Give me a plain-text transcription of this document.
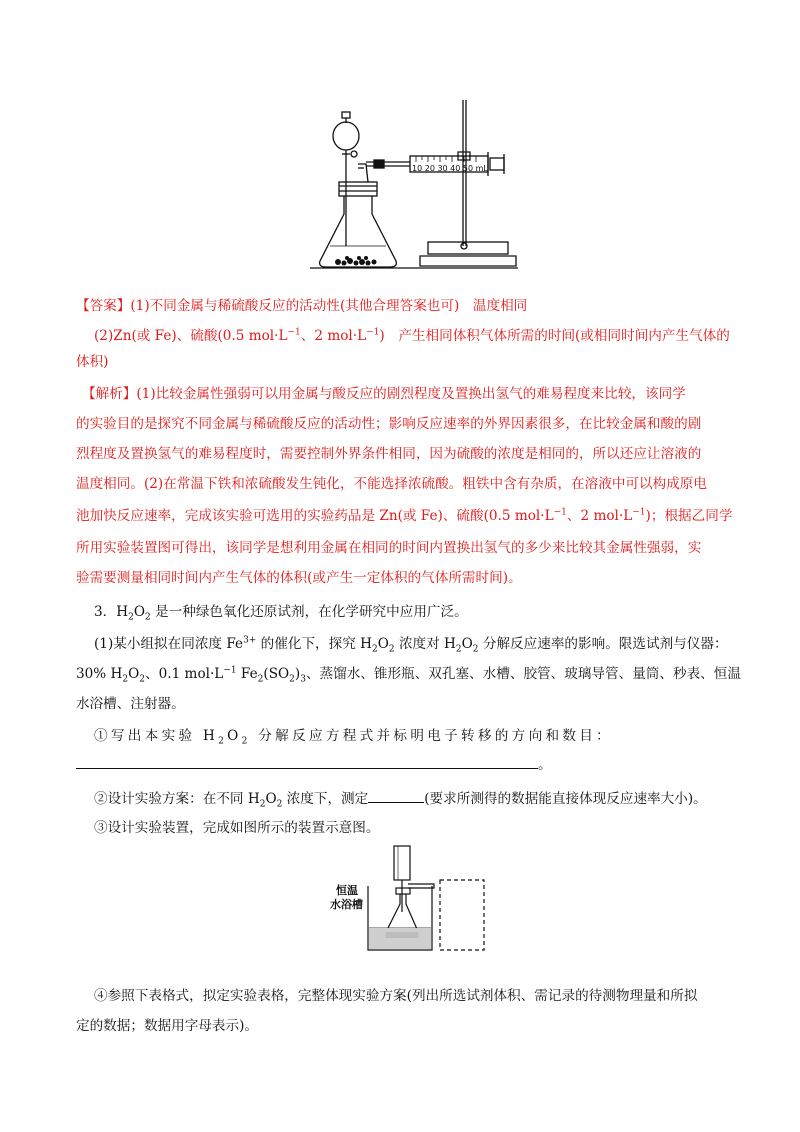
10 20 30 40 50 mL
【答案】(1)不同金属与稀硫酸反应的活动性(其他合理答案也可)　温度相同
(2)Zn(或 Fe)、硫酸(0.5 $mol\cdot L^{-1}$、2 $mol\cdot L^{-1}$)　产生相同体积气体所需的时间(或相同时间内产生气体的
体积)
【解析】(1)比较金属性强弱可以用金属与酸反应的剧烈程度及置换出氢气的难易程度来比较，该同学
的实验目的是探究不同金属与稀硫酸反应的活动性；影响反应速率的外界因素很多，在比较金属和酸的剧
烈程度及置换氢气的难易程度时，需要控制外界条件相同，因为硫酸的浓度是相同的，所以还应让溶液的
温度相同。(2)在常温下铁和浓硫酸发生钝化，不能选择浓硫酸。粗铁中含有杂质，在溶液中可以构成原电
池加快反应速率，完成该实验可选用的实验药品是 Zn(或 Fe)、硫酸(0.5 $mol\cdot L^{-1}$、2 $mol\cdot L^{-1}$)；根据乙同学
所用实验装置图可得出，该同学是想利用金属在相同的时间内置换出氢气的多少来比较其金属性强弱，实
验需要测量相同时间内产生气体的体积(或产生一定体积的气体所需时间)。
3．$H_2O_2$ 是一种绿色氧化还原试剂，在化学研究中应用广泛。
(1)某小组拟在同浓度 $Fe^{3+}$ 的催化下，探究 $H_2O_2$ 浓度对 $H_2O_2$ 分解反应速率的影响。限选试剂与仪器：
30% $H_2O_2$、0.1 $mol\cdot L^{-1}$ $Fe_2(SO_2)_3$、蒸馏水、锥形瓶、双孔塞、水槽、胶管、玻璃导管、量筒、秒表、恒温
水浴槽、注射器。
①写出本实验 $H_2O_2$ 分解反应方程式并标明电子转移的方向和数目：
。
②设计实验方案：在不同 $H_2O_2$ 浓度下，测定	(要求所测得的数据能直接体现反应速率大小)。
③设计实验装置，完成如图所示的装置示意图。
恒温
水浴槽
④参照下表格式，拟定实验表格，完整体现实验方案(列出所选试剂体积、需记录的待测物理量和所拟
定的数据；数据用字母表示)。
